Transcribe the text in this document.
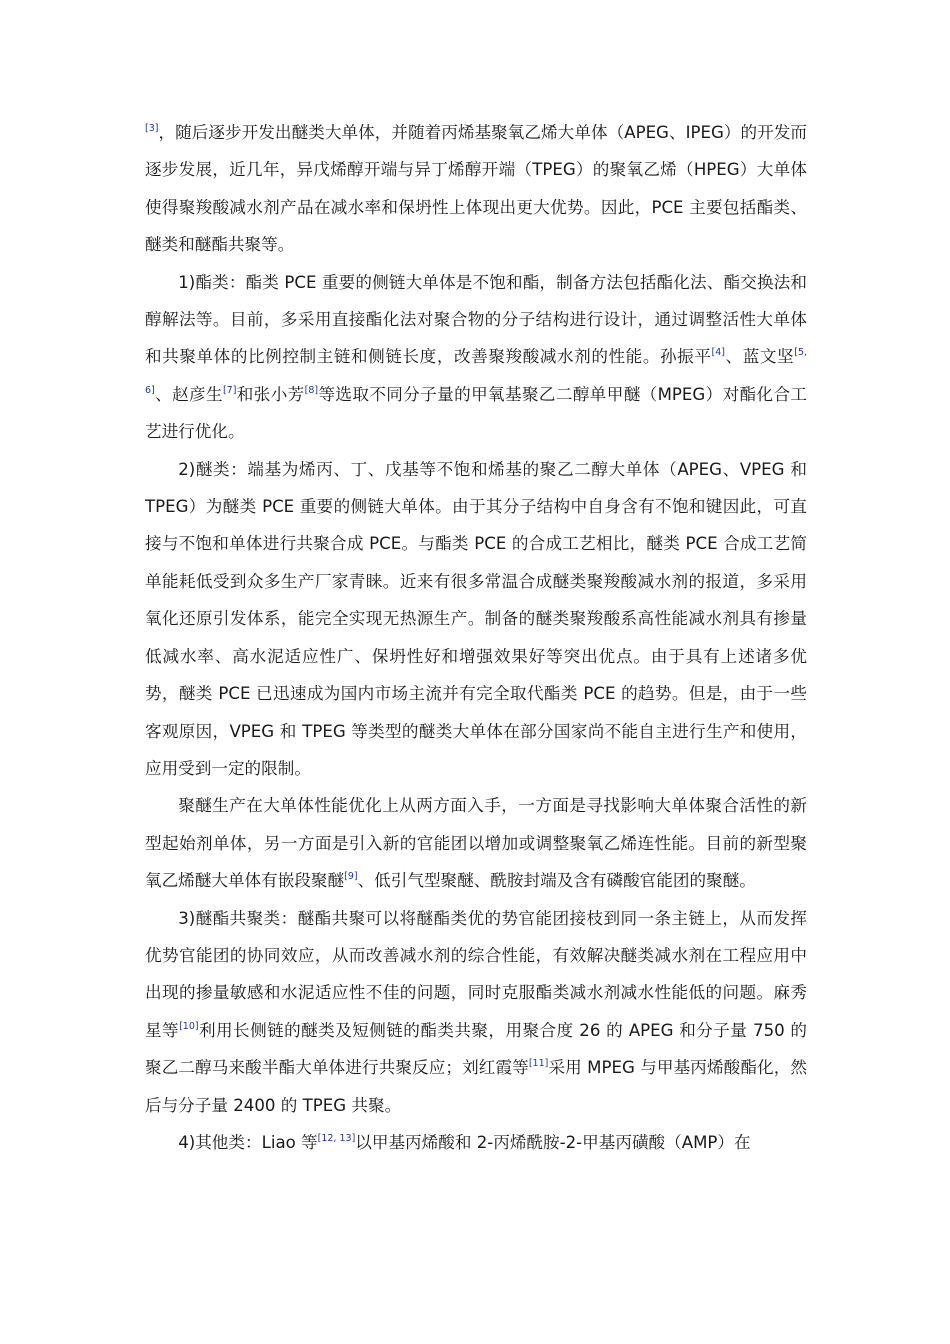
[3]，随后逐步开发出醚类大单体，并随着丙烯基聚氧乙烯大单体（APEG、IPEG）的开发而逐步发展，近几年，异戊烯醇开端与异丁烯醇开端（TPEG）的聚氧乙烯（HPEG）大单体使得聚羧酸减水剂产品在减水率和保坍性上体现出更大优势。因此，PCE 主要包括酯类、醚类和醚酯共聚等。

1)酯类：酯类 PCE 重要的侧链大单体是不饱和酯，制备方法包括酯化法、酯交换法和醇解法等。目前，多采用直接酯化法对聚合物的分子结构进行设计，通过调整活性大单体和共聚单体的比例控制主链和侧链长度，改善聚羧酸减水剂的性能。孙振平[4]、蓝文坚[5, 6]、赵彦生[7]和张小芳[8]等选取不同分子量的甲氧基聚乙二醇单甲醚（MPEG）对酯化合工艺进行优化。

2)醚类：端基为烯丙、丁、戊基等不饱和烯基的聚乙二醇大单体（APEG、VPEG 和 TPEG）为醚类 PCE 重要的侧链大单体。由于其分子结构中自身含有不饱和键因此，可直接与不饱和单体进行共聚合成 PCE。与酯类 PCE 的合成工艺相比，醚类 PCE 合成工艺简单能耗低受到众多生产厂家青睐。近来有很多常温合成醚类聚羧酸减水剂的报道，多采用氧化还原引发体系，能完全实现无热源生产。制备的醚类聚羧酸系高性能减水剂具有掺量低减水率、高水泥适应性广、保坍性好和增强效果好等突出优点。由于具有上述诸多优势，醚类 PCE 已迅速成为国内市场主流并有完全取代酯类 PCE 的趋势。但是，由于一些客观原因，VPEG 和 TPEG 等类型的醚类大单体在部分国家尚不能自主进行生产和使用，应用受到一定的限制。

聚醚生产在大单体性能优化上从两方面入手，一方面是寻找影响大单体聚合活性的新型起始剂单体，另一方面是引入新的官能团以增加或调整聚氧乙烯连性能。目前的新型聚氧乙烯醚大单体有嵌段聚醚[9]、低引气型聚醚、酰胺封端及含有磷酸官能团的聚醚。

3)醚酯共聚类：醚酯共聚可以将醚酯类优的势官能团接枝到同一条主链上，从而发挥优势官能团的协同效应，从而改善减水剂的综合性能，有效解决醚类减水剂在工程应用中出现的掺量敏感和水泥适应性不佳的问题，同时克服酯类减水剂减水性能低的问题。麻秀星等[10]利用长侧链的醚类及短侧链的酯类共聚，用聚合度 26 的 APEG 和分子量 750 的聚乙二醇马来酸半酯大单体进行共聚反应；刘红霞等[11]采用 MPEG 与甲基丙烯酸酯化，然后与分子量 2400 的 TPEG 共聚。

4)其他类：Liao 等[12, 13]以甲基丙烯酸和 2-丙烯酰胺-2-甲基丙磺酸（AMP）在
